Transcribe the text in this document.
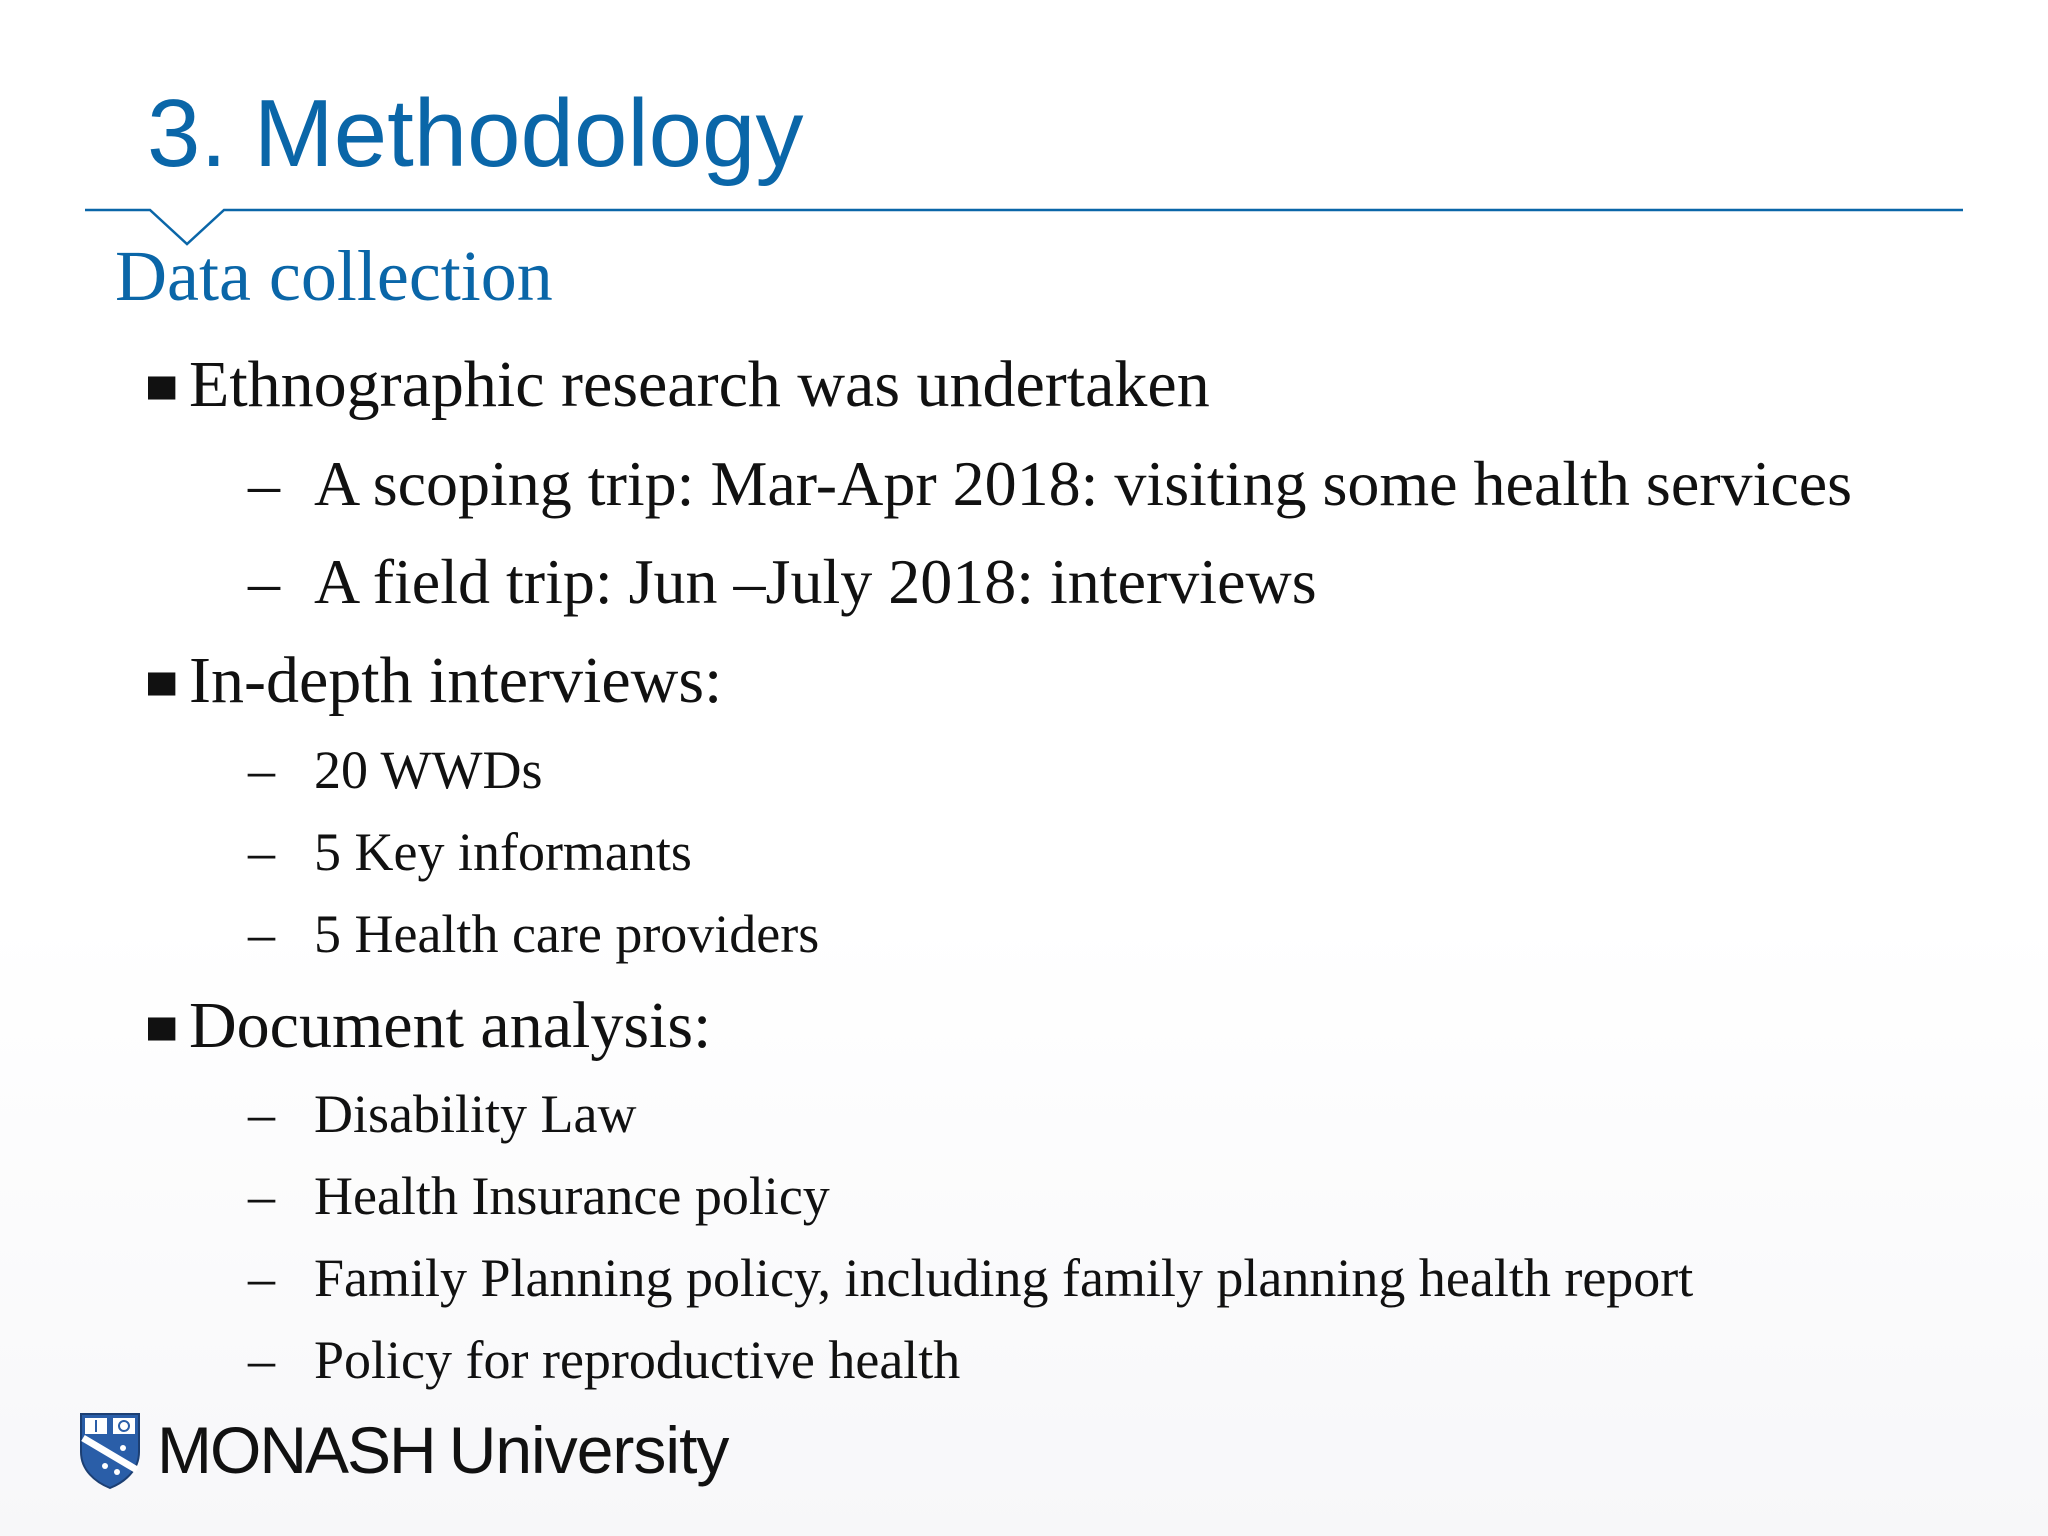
3. Methodology
Data collection
Ethnographic research was undertaken
– A scoping trip: Mar-Apr 2018: visiting some health services
– A field trip: Jun –July 2018: interviews
In-depth interviews:
– 20 WWDs
– 5 Key informants
– 5 Health care providers
Document analysis:
– Disability Law
– Health Insurance policy
– Family Planning policy, including family planning health report
– Policy for reproductive health
MONASH University
